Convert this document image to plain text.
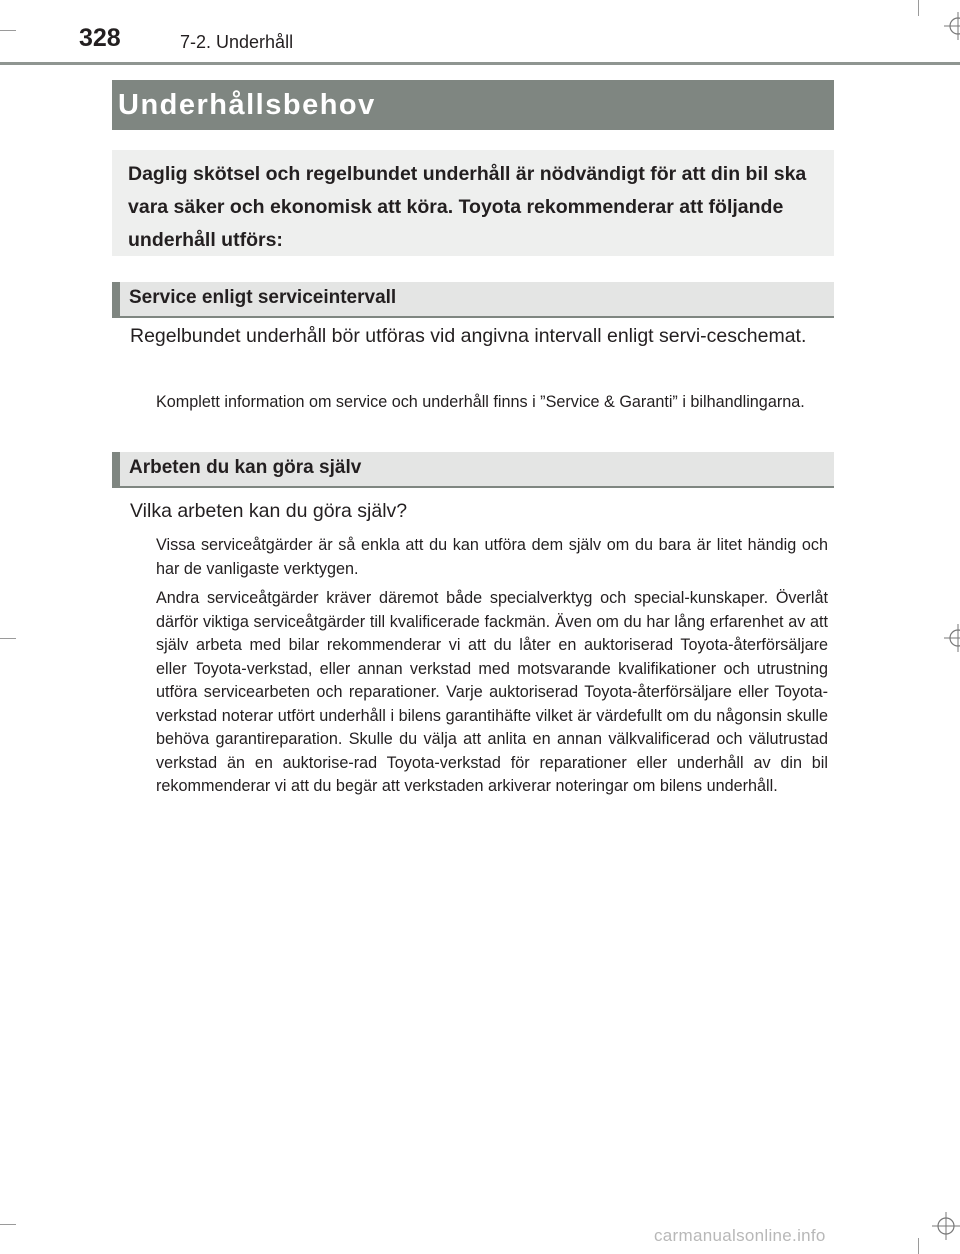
328	7-2. Underhåll
Underhållsbehov
Daglig skötsel och regelbundet underhåll är nödvändigt för att din bil ska vara säker och ekonomisk att köra. Toyota rekommenderar att följande underhåll utförs:
Service enligt serviceintervall
Regelbundet underhåll bör utföras vid angivna intervall enligt servi-ceschemat.
Komplett information om service och underhåll finns i ”Service & Garanti” i bilhandlingarna.
Arbeten du kan göra själv
Vilka arbeten kan du göra själv?
Vissa serviceåtgärder är så enkla att du kan utföra dem själv om du bara är litet händig och har de vanligaste verktygen.
Andra serviceåtgärder kräver däremot både specialverktyg och special-kunskaper. Överlåt därför viktiga serviceåtgärder till kvalificerade fackmän. Även om du har lång erfarenhet av att själv arbeta med bilar rekommenderar vi att du låter en auktoriserad Toyota-återförsäljare eller Toyota-verkstad, eller annan verkstad med motsvarande kvalifikationer och utrustning utföra servicearbeten och reparationer. Varje auktoriserad Toyota-återförsäljare eller Toyota-verkstad noterar utfört underhåll i bilens garantihäfte vilket är värdefullt om du någonsin skulle behöva garantireparation. Skulle du välja att anlita en annan välkvalificerad och välutrustad verkstad än en auktorise-rad Toyota-verkstad för reparationer eller underhåll av din bil rekommenderar vi att du begär att verkstaden arkiverar noteringar om bilens underhåll.
carmanualsonline.info
